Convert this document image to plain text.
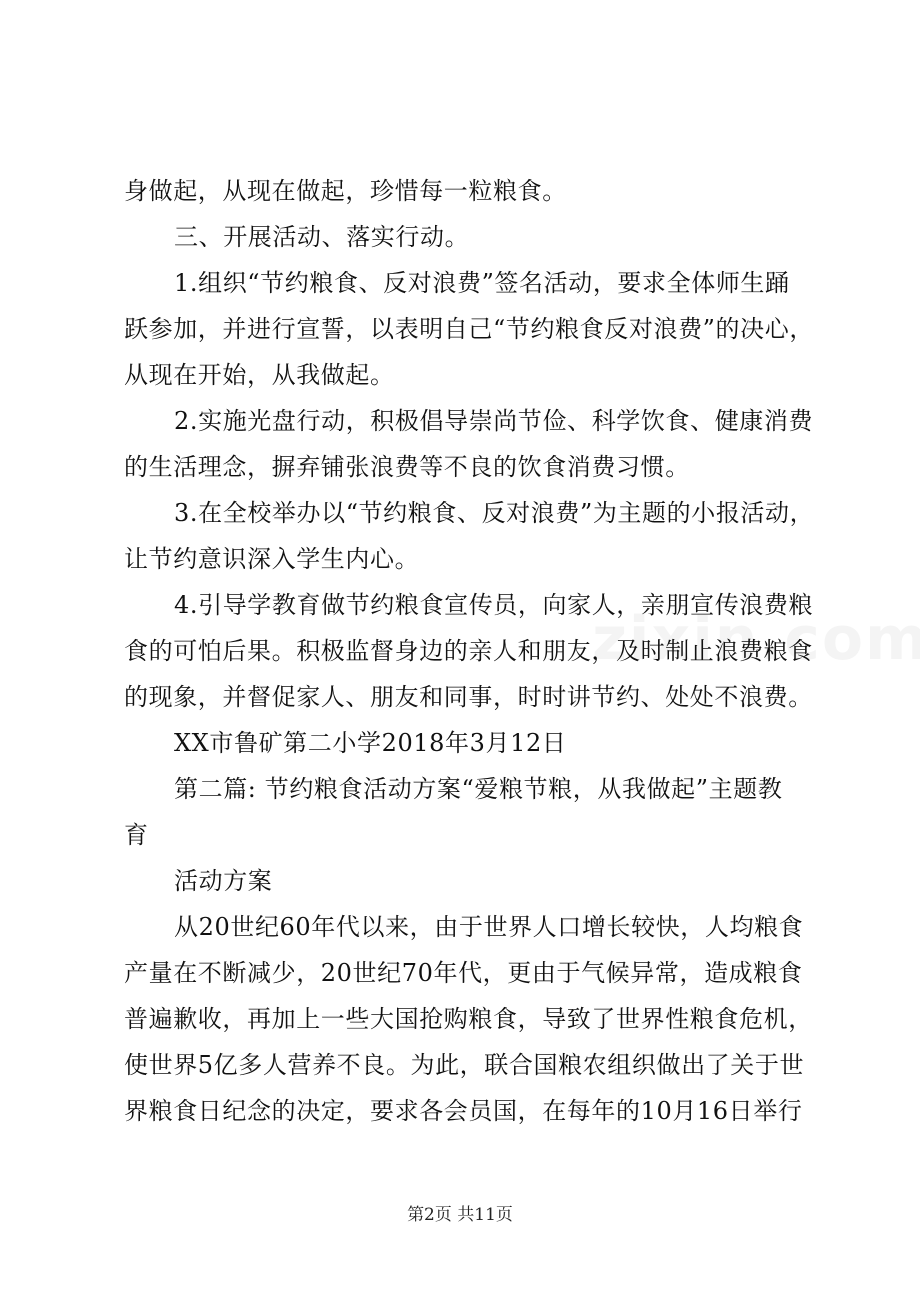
身做起，从现在做起，珍惜每一粒粮食。

三、开展活动、落实行动。

1.组织“节约粮食、反对浪费”签名活动，要求全体师生踊

跃参加，并进行宣誓，以表明自己“节约粮食反对浪费”的决心，

从现在开始，从我做起。

2.实施光盘行动，积极倡导崇尚节俭、科学饮食、健康消费

的生活理念，摒弃铺张浪费等不良的饮食消费习惯。

3.在全校举办以“节约粮食、反对浪费”为主题的小报活动，

让节约意识深入学生内心。

4.引导学教育做节约粮食宣传员，向家人，亲朋宣传浪费粮

食的可怕后果。积极监督身边的亲人和朋友，及时制止浪费粮食

的现象，并督促家人、朋友和同事，时时讲节约、处处不浪费。

XX市鲁矿第二小学2018年3月12日

第二篇: 节约粮食活动方案“爱粮节粮，从我做起”主题教

育

活动方案

从20世纪60年代以来，由于世界人口增长较快，人均粮食

产量在不断减少，20世纪70年代，更由于气候异常，造成粮食

普遍歉收，再加上一些大国抢购粮食，导致了世界性粮食危机，

使世界5亿多人营养不良。为此，联合国粮农组织做出了关于世

界粮食日纪念的决定，要求各会员国，在每年的10月16日举行

第2页 共11页
